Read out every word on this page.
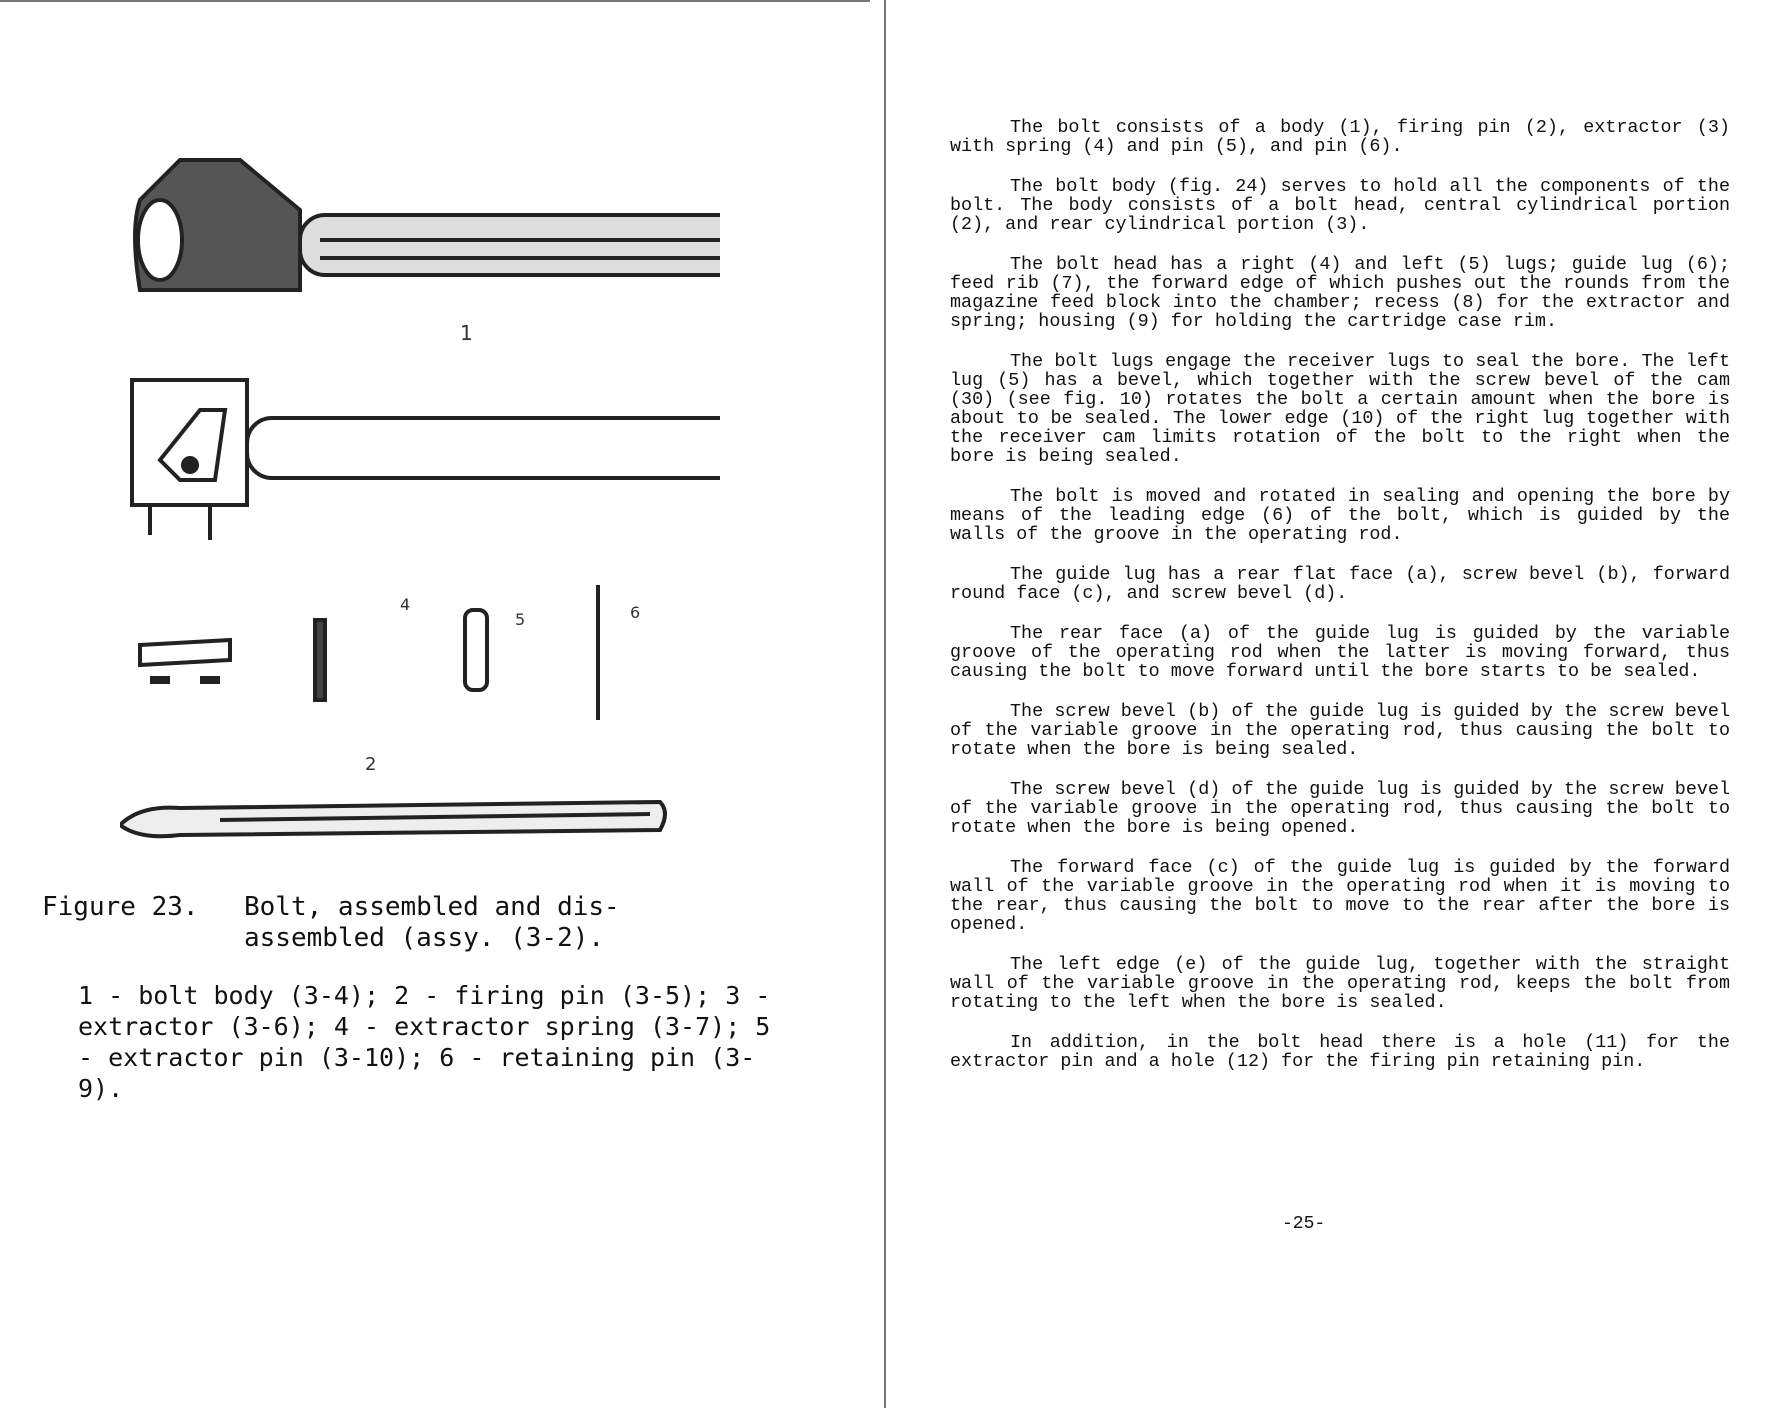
1
4
5	6
2
Figure 23.	Bolt, assembled and dis- assembled (assy. (3-2).
1 - bolt body (3-4); 2 - firing pin (3-5); 3 - extractor (3-6); 4 - extractor spring (3-7); 5 - extractor pin (3-10); 6 - retaining pin (3-9).

The bolt consists of a body (1), firing pin (2), extractor (3) with spring (4) and pin (5), and pin (6).

The bolt body (fig. 24) serves to hold all the components of the bolt. The body consists of a bolt head, central cylindrical portion (2), and rear cylindrical portion (3).

The bolt head has a right (4) and left (5) lugs; guide lug (6); feed rib (7), the forward edge of which pushes out the rounds from the magazine feed block into the chamber; recess (8) for the extractor and spring; housing (9) for holding the cartridge case rim.

The bolt lugs engage the receiver lugs to seal the bore. The left lug (5) has a bevel, which together with the screw bevel of the cam (30) (see fig. 10) rotates the bolt a certain amount when the bore is about to be sealed. The lower edge (10) of the right lug together with the receiver cam limits rotation of the bolt to the right when the bore is being sealed.

The bolt is moved and rotated in sealing and opening the bore by means of the leading edge (6) of the bolt, which is guided by the walls of the groove in the operating rod.

The guide lug has a rear flat face (a), screw bevel (b), forward round face (c), and screw bevel (d).

The rear face (a) of the guide lug is guided by the variable groove of the operating rod when the latter is moving forward, thus causing the bolt to move forward until the bore starts to be sealed.

The screw bevel (b) of the guide lug is guided by the screw bevel of the variable groove in the operating rod, thus causing the bolt to rotate when the bore is being sealed.

The screw bevel (d) of the guide lug is guided by the screw bevel of the variable groove in the operating rod, thus causing the bolt to rotate when the bore is being opened.

The forward face (c) of the guide lug is guided by the forward wall of the variable groove in the operating rod when it is moving to the rear, thus causing the bolt to move to the rear after the bore is opened.

The left edge (e) of the guide lug, together with the straight wall of the variable groove in the operating rod, keeps the bolt from rotating to the left when the bore is sealed.

In addition, in the bolt head there is a hole (11) for the extractor pin and a hole (12) for the firing pin retaining pin.

-25-
